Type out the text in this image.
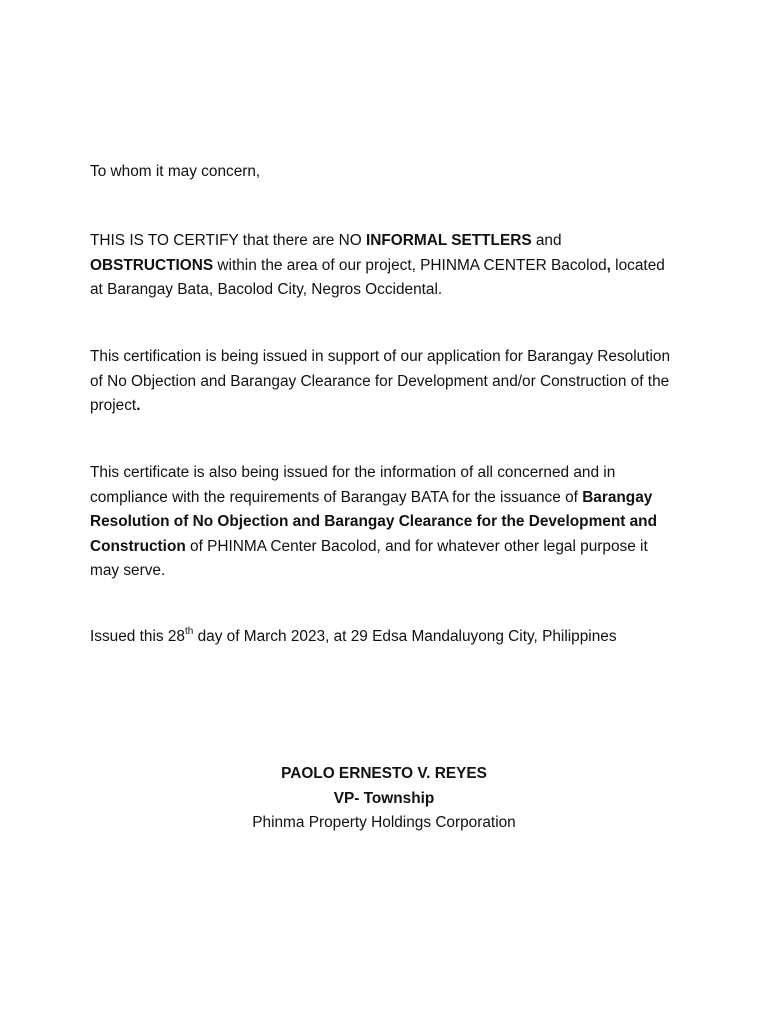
To whom it may concern,

THIS IS TO CERTIFY that there are NO INFORMAL SETTLERS and OBSTRUCTIONS within the area of our project, PHINMA CENTER Bacolod, located at Barangay Bata, Bacolod City, Negros Occidental.

This certification is being issued in support of our application for Barangay Resolution of No Objection and Barangay Clearance for Development and/or Construction of the project.

This certificate is also being issued for the information of all concerned and in compliance with the requirements of Barangay BATA for the issuance of Barangay Resolution of No Objection and Barangay Clearance for the Development and Construction of PHINMA Center Bacolod, and for whatever other legal purpose it may serve.

Issued this 28th day of March 2023, at 29 Edsa Mandaluyong City, Philippines

PAOLO ERNESTO V. REYES
VP- Township
Phinma Property Holdings Corporation
